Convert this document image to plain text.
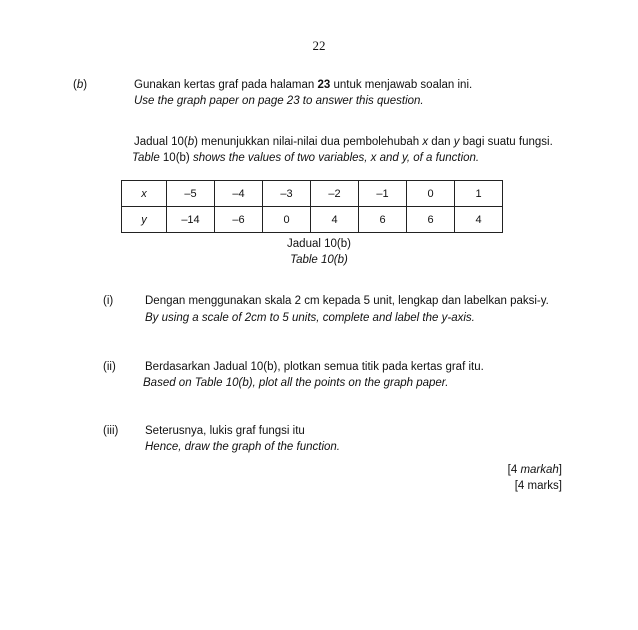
22
(b)	Gunakan kertas graf pada halaman 23 untuk menjawab soalan ini.
Use the graph paper on page 23 to answer this question.
Jadual 10(b) menunjukkan nilai-nilai dua pembolehubah x dan y bagi suatu fungsi.
Table 10(b) shows the values of two variables, x and y, of a function.
x	–5	–4	–3	–2	–1	0	1
y	–14	–6	0	4	6	6	4
Jadual 10(b)
Table 10(b)
(i)	Dengan menggunakan skala 2 cm kepada 5 unit, lengkap dan labelkan paksi-y.
By using a scale of 2cm to 5 units, complete and label the y-axis.
(ii)	Berdasarkan Jadual 10(b), plotkan semua titik pada kertas graf itu.
Based on Table 10(b), plot all the points on the graph paper.
(iii) Seterusnya, lukis graf fungsi itu
Hence, draw the graph of the function.
[4 markah]
[4 marks]
